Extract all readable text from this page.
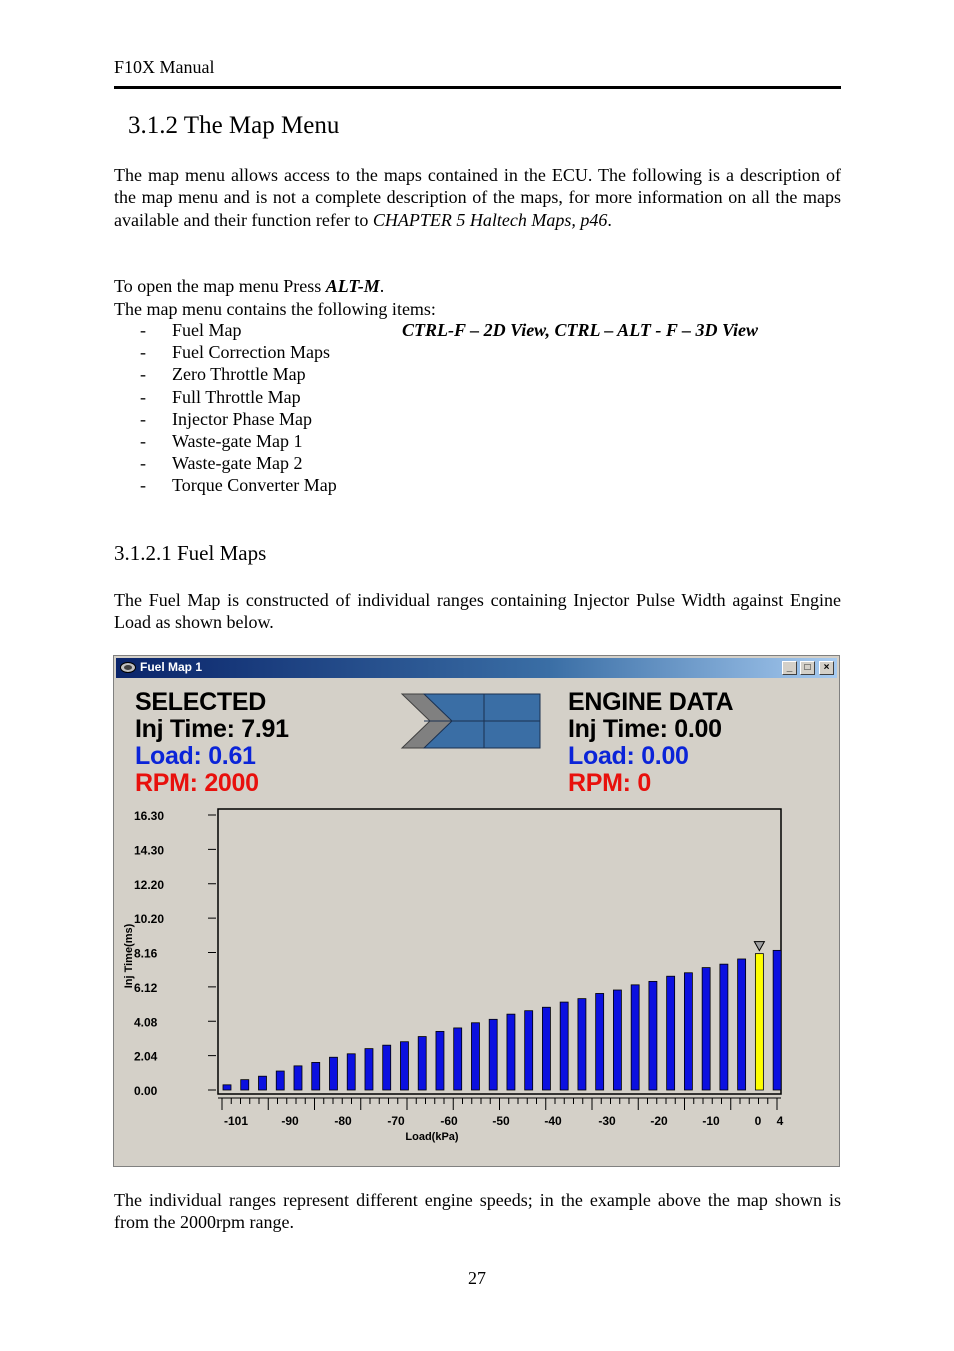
F10X Manual
3.1.2 The Map Menu
The map menu allows access to the maps contained in the ECU. The following is a description of the map menu and is not a complete description of the maps, for more information on all the maps available and their function refer to CHAPTER 5 Haltech Maps, p46.
To open the map menu Press ALT-M.
The map menu contains the following items:
- Fuel Map	CTRL-F – 2D View, CTRL – ALT - F – 3D View
- Fuel Correction Maps
- Zero Throttle Map
- Full Throttle Map
- Injector Phase Map
- Waste-gate Map 1
- Waste-gate Map 2
- Torque Converter Map
3.1.2.1 Fuel Maps
The Fuel Map is constructed of individual ranges containing Injector Pulse Width against Engine Load as shown below.
Fuel Map 1	_	□	×
SELECTED
Inj Time: 7.91
Load: 0.61
RPM: 2000
ENGINE DATA
Inj Time: 0.00
Load: 0.00
RPM: 0
16.30
14.30
12.20
10.20
8.16
6.12
4.08
2.04
0.00
Inj Time(ms)
-101	-90	-80	-70	-60	-50	-40	-30	-20	-10	0 4
Load(kPa)
The individual ranges represent different engine speeds; in the example above the map shown is from the 2000rpm range.
27
